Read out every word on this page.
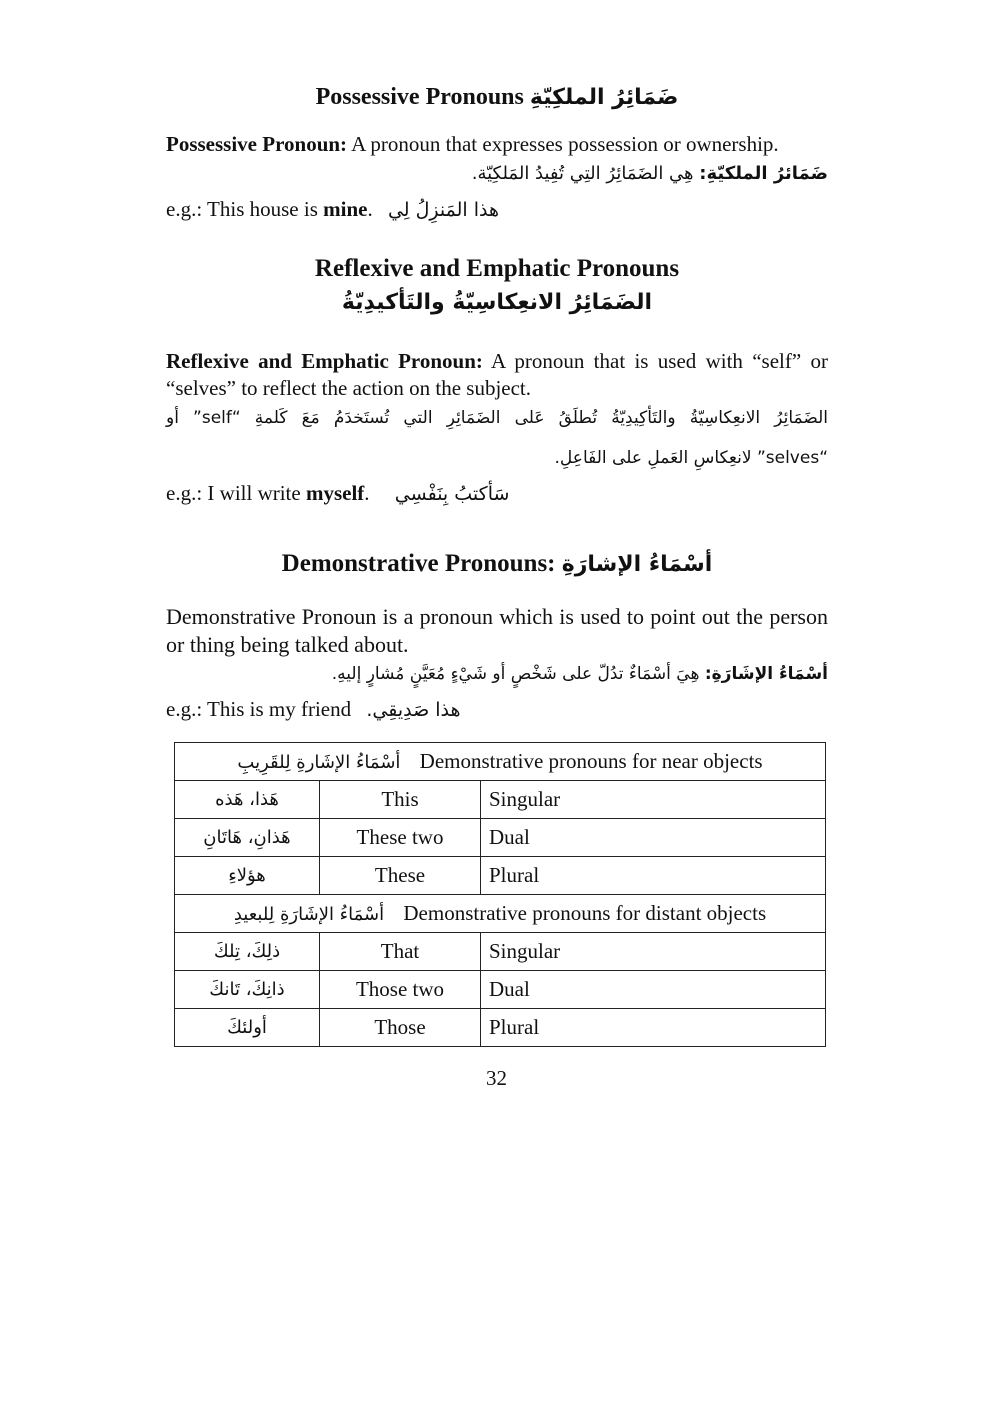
Possessive Pronouns ضَمَائِرُ الملكِيّةِ
Possessive Pronoun: A pronoun that expresses possession or ownership.
ضَمَائرُ الملكيّةِ: هِي الضَمَائِرُ التِي تُفِيدُ المَلكِيّة.
e.g.: This house is mine. هذا المَنزِلُ لِي
Reflexive and Emphatic Pronouns
الضَمَائِرُ الانعِكاسِيّةُ والتَأكيدِيّةُ
Reflexive and Emphatic Pronoun: A pronoun that is used with “self” or “selves” to reflect the action on the subject.
الضَمَائِرُ الانعِكاسِيّةُ والتَأكِيدِيّةُ تُطلَقُ عَلى الضَمَائِرِ التي تُستَخدَمُ مَعَ كَلمةِ “self” أو
“selves” لانعِكاسِ العَملِ على الفَاعِلِ.
e.g.: I will write myself. سَأكتبُ بِنَفْسِي
Demonstrative Pronouns: أسْمَاءُ الإشارَةِ
Demonstrative Pronoun is a pronoun which is used to point out the person or thing being talked about.
أسْمَاءُ الإشَارَةِ: هِيَ أسْمَاءٌ تدُلّ على شَخْصٍ أو شَيْءٍ مُعَيَّنٍ مُشارٍ إليهِ.
e.g.: This is my friend هذا صَدِيقِي.
أسْمَاءُ الإشَارةِ لِلقَرِيبِ Demonstrative pronouns for near objects		
هَذا، هَذه	This	Singular
هَذانِ، هَاتَانِ	These two	Dual
هؤلاءِ	These	Plural
أسْمَاءُ الإشَارَةِ لِلبعيدِ Demonstrative pronouns for distant objects		
ذلِكَ، تِلكَ	That	Singular
ذانِكَ، تَانكَ	Those two	Dual
أولئكَ	Those	Plural
32
